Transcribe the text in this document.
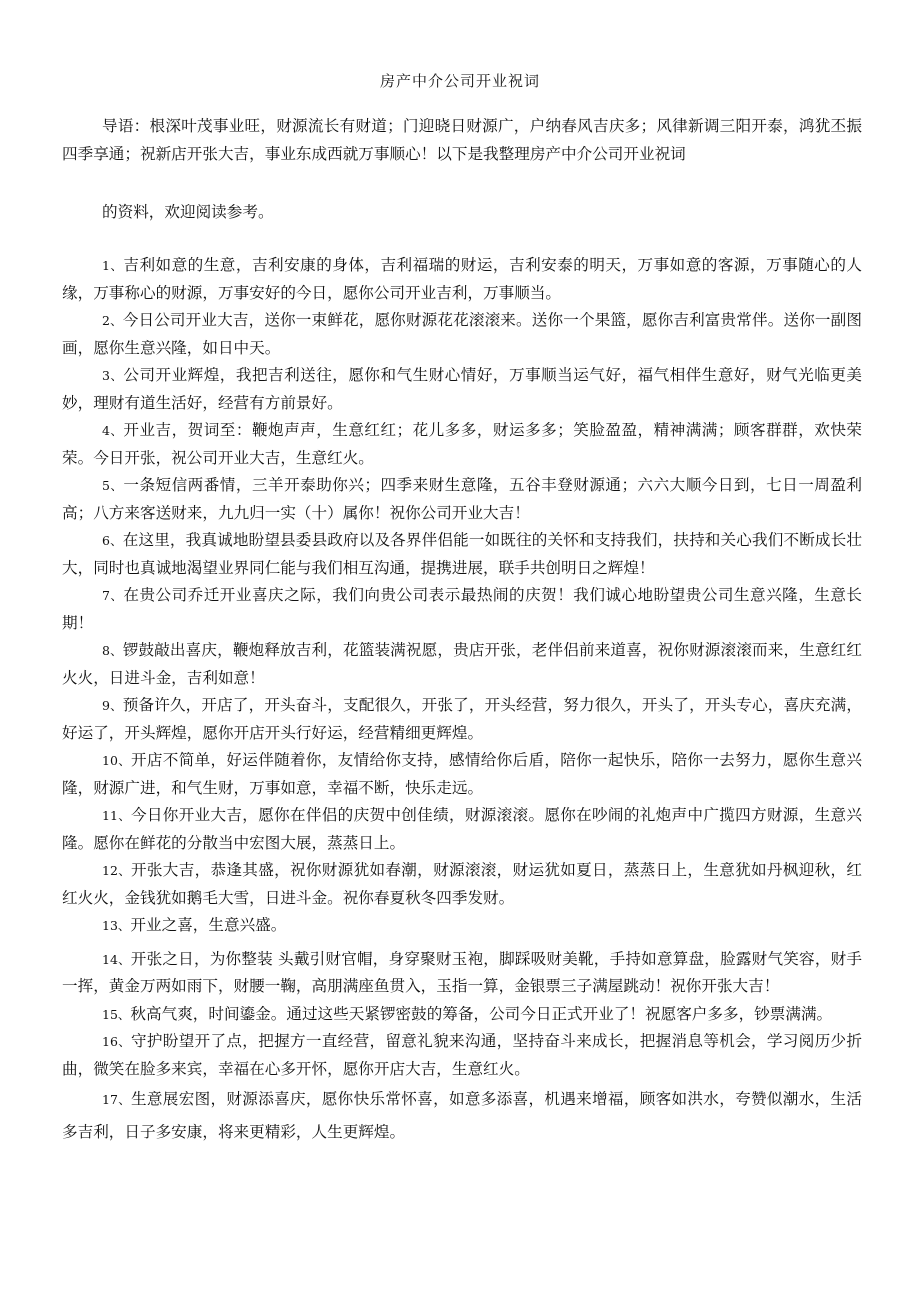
房产中介公司开业祝词
导语：根深叶茂事业旺，财源流长有财道；门迎晓日财源广，户纳春风吉庆多；风律新调三阳开泰，鸿犹丕振四季享通；祝新店开张大吉，事业东成西就万事顺心！以下是我整理房产中介公司开业祝词
的资料，欢迎阅读参考。
1、吉利如意的生意，吉利安康的身体，吉利福瑞的财运，吉利安泰的明天，万事如意的客源，万事随心的人缘，万事称心的财源，万事安好的今日，愿你公司开业吉利，万事顺当。
2、今日公司开业大吉，送你一束鲜花，愿你财源花花滚滚来。送你一个果篮，愿你吉利富贵常伴。送你一副图画，愿你生意兴隆，如日中天。
3、公司开业辉煌，我把吉利送往，愿你和气生财心情好，万事顺当运气好，福气相伴生意好，财气光临更美妙，理财有道生活好，经营有方前景好。
4、开业吉，贺词至：鞭炮声声，生意红红；花儿多多，财运多多；笑脸盈盈，精神满满；顾客群群，欢快荣荣。今日开张，祝公司开业大吉，生意红火。
5、一条短信两番情，三羊开泰助你兴；四季来财生意隆，五谷丰登财源通；六六大顺今日到，七日一周盈利高；八方来客送财来，九九归一实（十）属你！祝你公司开业大吉！
6、在这里，我真诚地盼望县委县政府以及各界伴侣能一如既往的关怀和支持我们，扶持和关心我们不断成长壮大，同时也真诚地渴望业界同仁能与我们相互沟通，提携进展，联手共创明日之辉煌！
7、在贵公司乔迁开业喜庆之际，我们向贵公司表示最热闹的庆贺！我们诚心地盼望贵公司生意兴隆，生意长期！
8、锣鼓敲出喜庆，鞭炮释放吉利，花篮装满祝愿，贵店开张，老伴侣前来道喜，祝你财源滚滚而来，生意红红火火，日进斗金，吉利如意！
9、预备许久，开店了，开头奋斗，支配很久，开张了，开头经营，努力很久，开头了，开头专心，喜庆充满，好运了，开头辉煌，愿你开店开头行好运，经营精细更辉煌。
10、开店不简单，好运伴随着你，友情给你支持，感情给你后盾，陪你一起快乐，陪你一去努力，愿你生意兴隆，财源广进，和气生财，万事如意，幸福不断，快乐走远。
11、今日你开业大吉，愿你在伴侣的庆贺中创佳绩，财源滚滚。愿你在吵闹的礼炮声中广揽四方财源，生意兴隆。愿你在鲜花的分散当中宏图大展，蒸蒸日上。
12、开张大吉，恭逢其盛，祝你财源犹如春潮，财源滚滚，财运犹如夏日，蒸蒸日上，生意犹如丹枫迎秋，红红火火，金钱犹如鹅毛大雪，日进斗金。祝你春夏秋冬四季发财。
13、开业之喜，生意兴盛。
14、开张之日，为你整装 头戴引财官帽，身穿聚财玉袍，脚踩吸财美靴，手持如意算盘，脸露财气笑容，财手一挥，黄金万两如雨下，财腰一鞠，高朋满座鱼贯入，玉指一算，金银票三子满屋跳动！祝你开张大吉！
15、秋高气爽，时间鎏金。通过这些天紧锣密鼓的筹备，公司今日正式开业了！祝愿客户多多，钞票满满。
16、守护盼望开了点，把握方一直经营，留意礼貌来沟通，坚持奋斗来成长，把握消息等机会，学习阅历少折曲，微笑在脸多来宾，幸福在心多开怀，愿你开店大吉，生意红火。
17、生意展宏图，财源添喜庆，愿你快乐常怀喜，如意多添喜，机遇来增福，顾客如洪水，夸赞似潮水，生活多吉利，日子多安康，将来更精彩，人生更辉煌。
